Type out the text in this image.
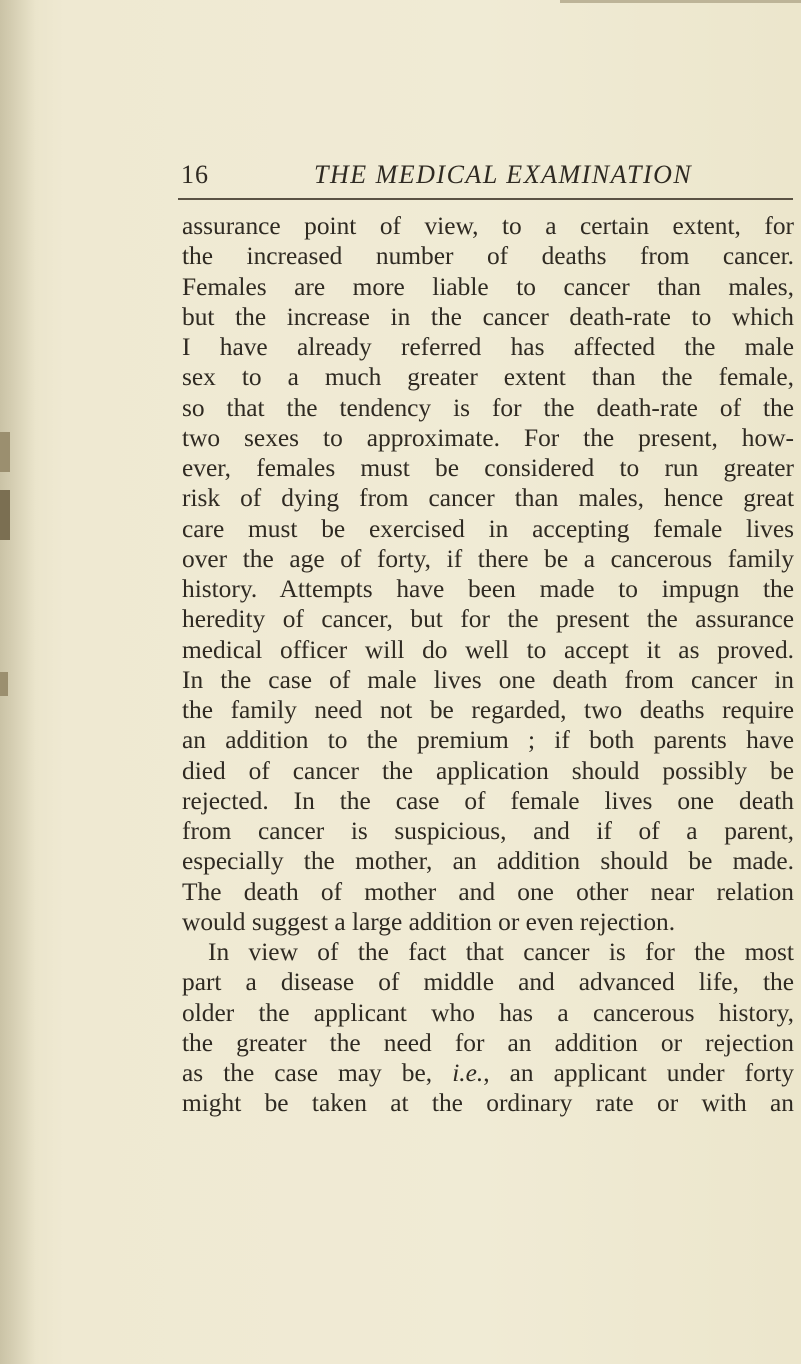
16	THE MEDICAL EXAMINATION
assurance point of view, to a certain extent, for
the increased number of deaths from cancer.
Females are more liable to cancer than males,
but the increase in the cancer death-rate to which
I have already referred has affected the male
sex to a much greater extent than the female,
so that the tendency is for the death-rate of the
two sexes to approximate. For the present, how-
ever, females must be considered to run greater
risk of dying from cancer than males, hence great
care must be exercised in accepting female lives
over the age of forty, if there be a cancerous family
history. Attempts have been made to impugn the
heredity of cancer, but for the present the assurance
medical officer will do well to accept it as proved.
In the case of male lives one death from cancer in
the family need not be regarded, two deaths require
an addition to the premium ; if both parents have
died of cancer the application should possibly be
rejected. In the case of female lives one death
from cancer is suspicious, and if of a parent,
especially the mother, an addition should be made.
The death of mother and one other near relation
would suggest a large addition or even rejection.
In view of the fact that cancer is for the most
part a disease of middle and advanced life, the
older the applicant who has a cancerous history,
the greater the need for an addition or rejection
as the case may be, i.e., an applicant under forty
might be taken at the ordinary rate or with an
